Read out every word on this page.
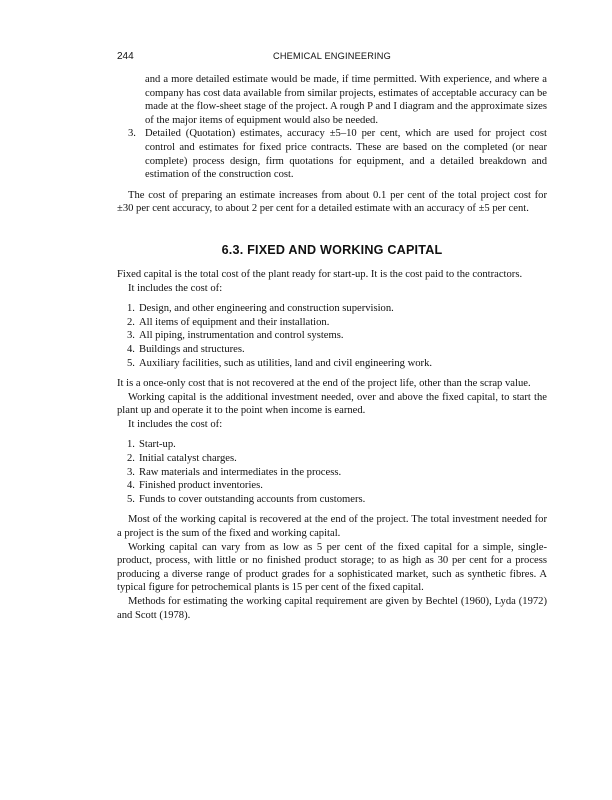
244	CHEMICAL ENGINEERING

and a more detailed estimate would be made, if time permitted. With experience, and where a company has cost data available from similar projects, estimates of acceptable accuracy can be made at the flow-sheet stage of the project. A rough P and I diagram and the approximate sizes of the major items of equipment would also be needed.

3. Detailed (Quotation) estimates, accuracy ±5–10 per cent, which are used for project cost control and estimates for fixed price contracts. These are based on the completed (or near complete) process design, firm quotations for equipment, and a detailed breakdown and estimation of the construction cost.

The cost of preparing an estimate increases from about 0.1 per cent of the total project cost for ±30 per cent accuracy, to about 2 per cent for a detailed estimate with an accuracy of ±5 per cent.

6.3. FIXED AND WORKING CAPITAL

Fixed capital is the total cost of the plant ready for start-up. It is the cost paid to the contractors.

It includes the cost of:

1. Design, and other engineering and construction supervision.
2. All items of equipment and their installation.
3. All piping, instrumentation and control systems.
4. Buildings and structures.
5. Auxiliary facilities, such as utilities, land and civil engineering work.

It is a once-only cost that is not recovered at the end of the project life, other than the scrap value.

Working capital is the additional investment needed, over and above the fixed capital, to start the plant up and operate it to the point when income is earned.

It includes the cost of:

1. Start-up.
2. Initial catalyst charges.
3. Raw materials and intermediates in the process.
4. Finished product inventories.
5. Funds to cover outstanding accounts from customers.

Most of the working capital is recovered at the end of the project. The total investment needed for a project is the sum of the fixed and working capital.

Working capital can vary from as low as 5 per cent of the fixed capital for a simple, single-product, process, with little or no finished product storage; to as high as 30 per cent for a process producing a diverse range of product grades for a sophisticated market, such as synthetic fibres. A typical figure for petrochemical plants is 15 per cent of the fixed capital.

Methods for estimating the working capital requirement are given by Bechtel (1960), Lyda (1972) and Scott (1978).
